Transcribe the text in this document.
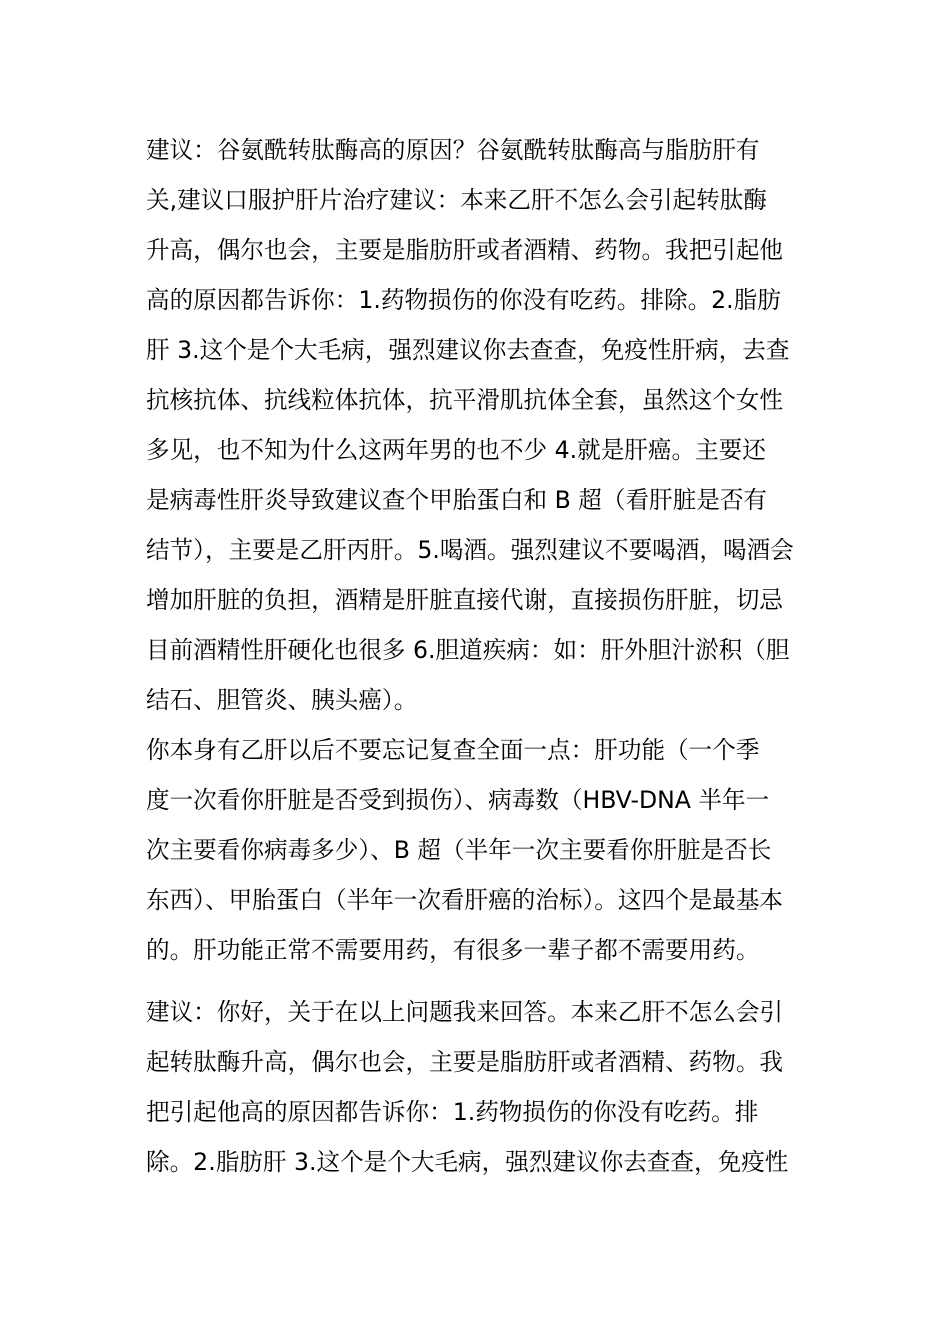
建议：谷氨酰转肽酶高的原因？谷氨酰转肽酶高与脂肪肝有
关,建议口服护肝片治疗建议：本来乙肝不怎么会引起转肽酶
升高，偶尔也会，主要是脂肪肝或者酒精、药物。我把引起他
高的原因都告诉你：1.药物损伤的你没有吃药。排除。2.脂肪
肝 3.这个是个大毛病，强烈建议你去查查，免疫性肝病，去查
抗核抗体、抗线粒体抗体，抗平滑肌抗体全套，虽然这个女性
多见，也不知为什么这两年男的也不少 4.就是肝癌。主要还
是病毒性肝炎导致建议查个甲胎蛋白和 B 超（看肝脏是否有
结节），主要是乙肝丙肝。5.喝酒。强烈建议不要喝酒，喝酒会
增加肝脏的负担，酒精是肝脏直接代谢，直接损伤肝脏，切忌
目前酒精性肝硬化也很多 6.胆道疾病：如：肝外胆汁淤积（胆
结石、胆管炎、胰头癌）。
你本身有乙肝以后不要忘记复查全面一点：肝功能（一个季
度一次看你肝脏是否受到损伤）、病毒数（HBV-DNA 半年一
次主要看你病毒多少）、B 超（半年一次主要看你肝脏是否长
东西）、甲胎蛋白（半年一次看肝癌的治标）。这四个是最基本
的。肝功能正常不需要用药，有很多一辈子都不需要用药。
建议：你好，关于在以上问题我来回答。本来乙肝不怎么会引
起转肽酶升高，偶尔也会，主要是脂肪肝或者酒精、药物。我
把引起他高的原因都告诉你：1.药物损伤的你没有吃药。排
除。2.脂肪肝 3.这个是个大毛病，强烈建议你去查查，免疫性
